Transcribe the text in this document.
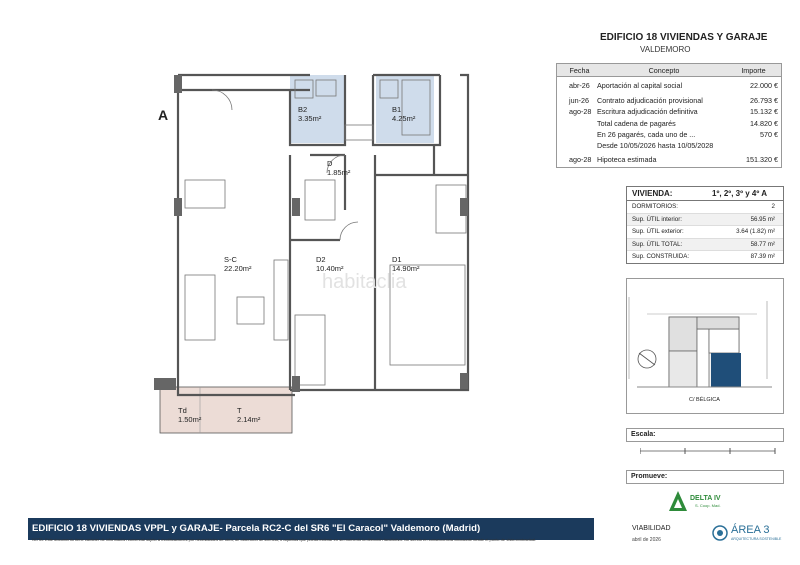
EDIFICIO 18 VIVIENDAS Y GARAJE
VALDEMORO
Fecha	Concepto	Importe
abr-26 Aportación al capital social	22.000 €
jun-26 Contrato adjudicación provisional	26.793 €
ago-28 Escritura adjudicación definitiva	15.132 €
Total cadena de pagarés	14.820 €
En 26 pagarés, cada uno de ...	570 €
Desde 10/05/2026 hasta 10/05/2028
ago-28 Hipoteca estimada	151.320 €
VIVIENDA:	1º, 2º, 3º y 4º A
DORMITORIOS:	2
Sup. ÚTIL interior:	56.95 m²
Sup. ÚTIL exterior:	3.64 (1.82) m²
Sup. ÚTIL TOTAL:	58.77 m²
Sup. CONSTRUIDA:	87.39 m²
C/ BÉLGICA
Escala:
Promueve:
DELTA IV
S. Coop. Mad.
A
habitaclia
B2
3.35m²
B1
4.25m²
D
1.85m²
S-C
22.20m²
D2
10.40m²
D1
14.90m²
Td
1.50m²
T
2.14m²
EDIFICIO 18 VIVIENDAS VPPL y GARAJE- Parcela RC2-C del SR6 "El Caracol" Valdemoro (Madrid)
NOTA: Este documento tiene carácter de información comercial sujeto a modificaciones por necesidades de obra, de obtención de licencia, o aquellas que pueda estimar en su momento la dirección facultativa. No siendo en consecuencia vinculante desde el punto de vista contractual.
VIABILIDAD
abril de 2026
ÁREA 3
ARQUITECTURA SOSTENIBLE
